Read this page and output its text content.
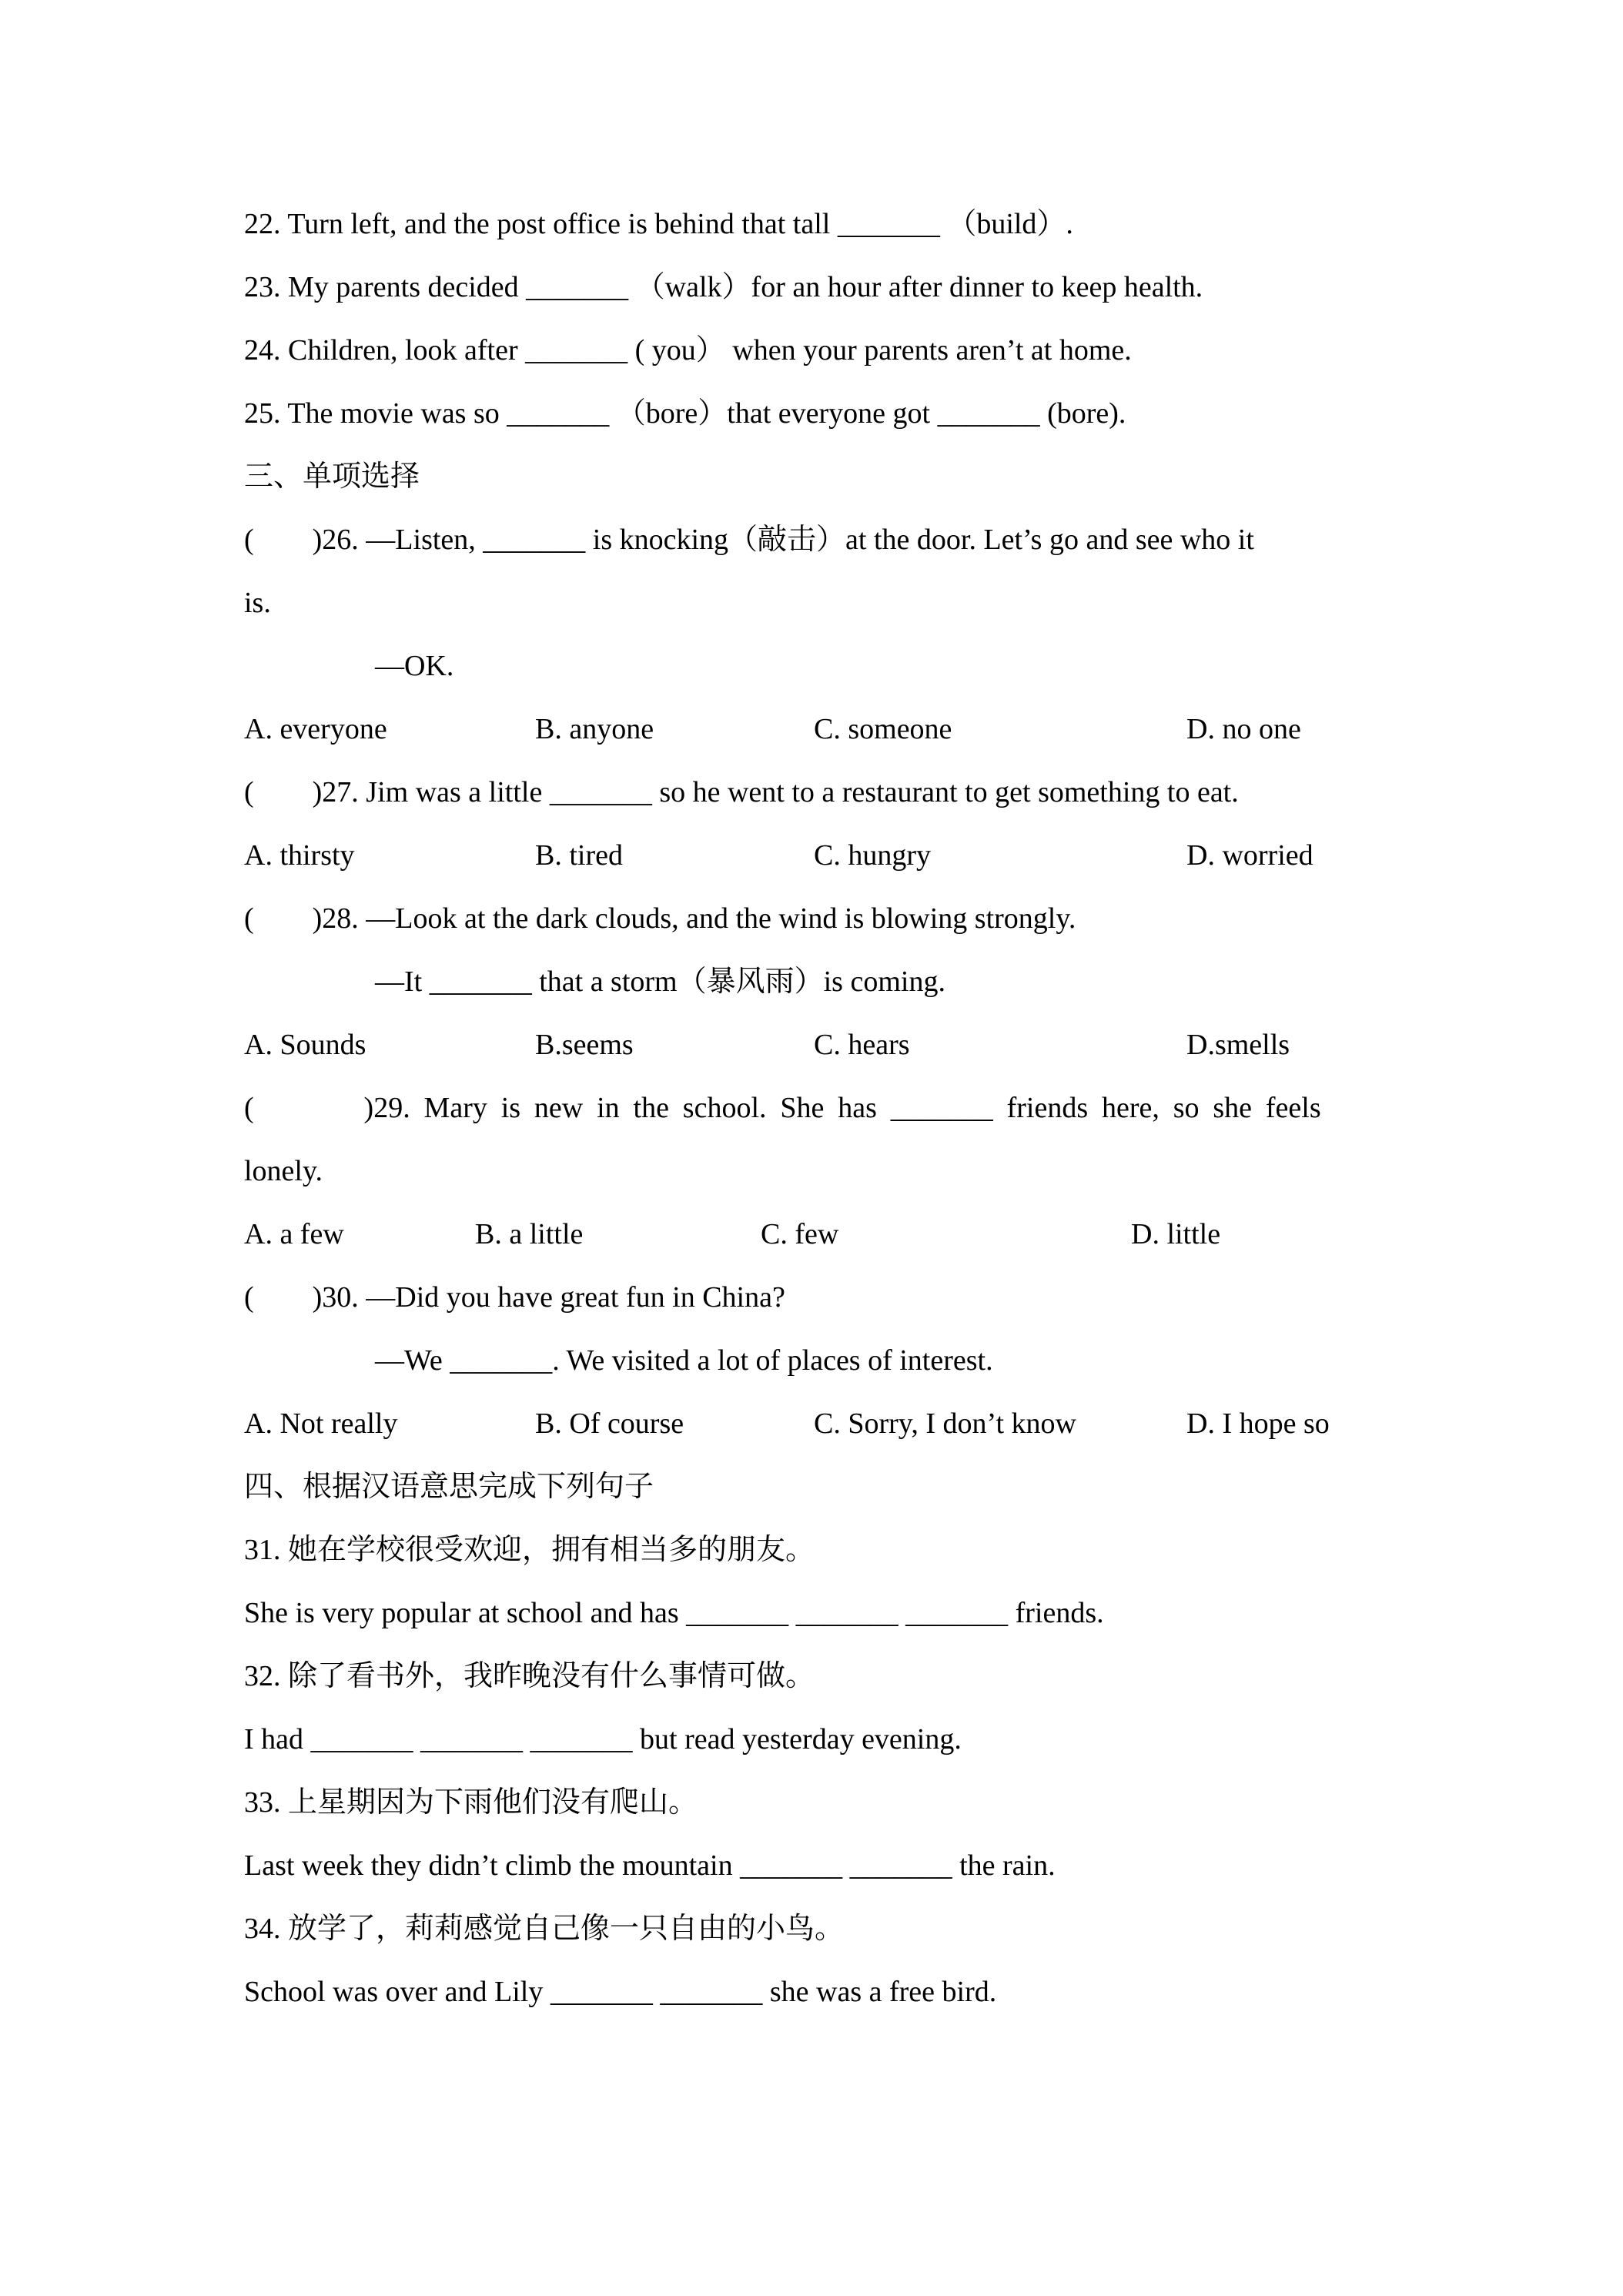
22. Turn left, and the post office is behind that tall _______ （build）.

23. My parents decided _______ （walk）for an hour after dinner to keep health.

24. Children, look after _______ ( you） when your parents aren’t at home.

25. The movie was so _______ （bore）that everyone got _______ (bore).

三、单项选择

(        )26. —Listen, _______ is knocking（敲击）at the door. Let’s go and see who it

is.

—OK.

A. everyone	B. anyone	C. someone	D. no one

(        )27. Jim was a little _______ so he went to a restaurant to get something to eat.

A. thirsty	B. tired	C. hungry	D. worried

(        )28. —Look at the dark clouds, and the wind is blowing strongly.

—It _______ that a storm（暴风雨）is coming.

A. Sounds	B.seems	C. hears	D.smells

(        )29. Mary is new in the school. She has _______ friends here, so she feels

lonely.

A. a few	B. a little	C. few	D. little

(        )30. —Did you have great fun in China?

—We _______. We visited a lot of places of interest.

A. Not really	B. Of course	C. Sorry, I don’t know	D. I hope so

四、根据汉语意思完成下列句子

31. 她在学校很受欢迎，拥有相当多的朋友。

She is very popular at school and has _______ _______ _______ friends.

32. 除了看书外，我昨晚没有什么事情可做。

I had _______ _______ _______ but read yesterday evening.

33. 上星期因为下雨他们没有爬山。

Last week they didn’t climb the mountain _______ _______ the rain.

34. 放学了，莉莉感觉自己像一只自由的小鸟。

School was over and Lily _______ _______ she was a free bird.
